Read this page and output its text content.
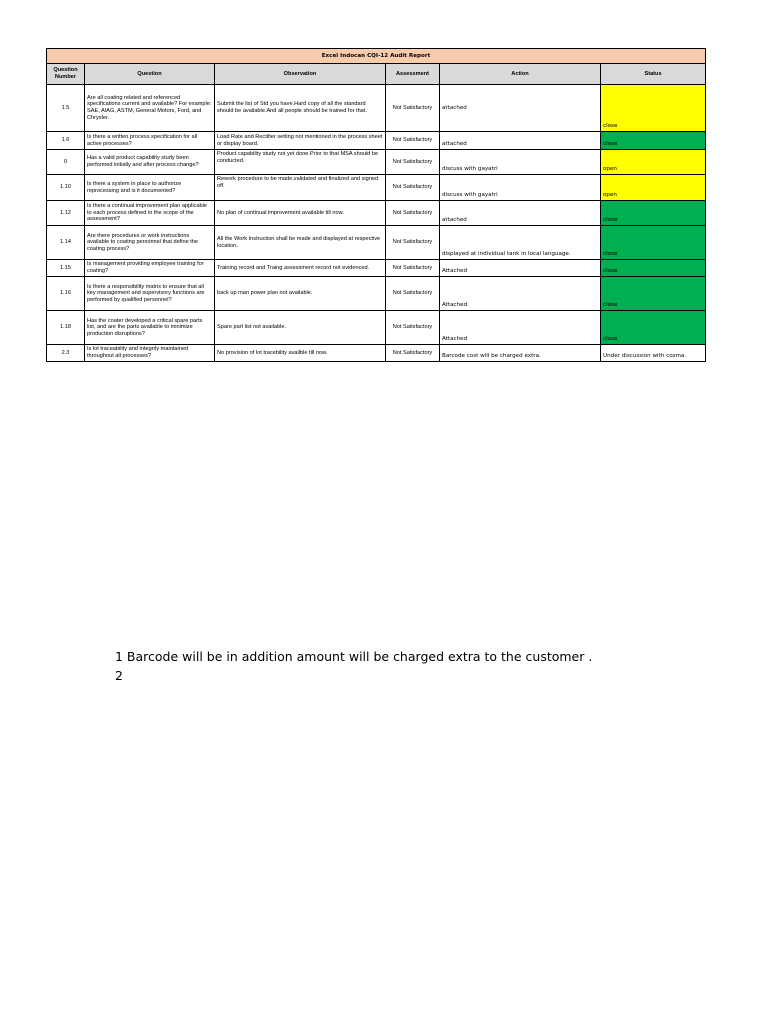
Excel Indocan CQI-12 Audit Report					
Question Number	Question	Observation	Assessment	Action	Status
1.5	Are all coating related and referenced specifications current and available? For example: SAE, AIAG, ASTM, General Motors, Ford, and Chrysler.	Submit the list of Std you have.Hard copy of all the standard should be available.And all people should be trained for that.	Not Satisfactory	attached	close
1.6	Is there a written process specification for all active processes?	Load Rate and Rectifier setting not mentioned in the process sheet or display board.	Not Satisfactory	attached	close
0	Has a valid product capability study been performed initially and after process change?	Product capability study not yet done.Prior to that MSA should be conducted.	Not Satisfactory	discuss with gayatri	open
1.10	Is there a system in place to authorize reprocessing and is it documented?	Rework procedure to be made,validated and finalized and signed off.	Not Satisfactory	discuss with gayatri	open
1.12	Is there a continual improvement plan applicable to each process defined in the scope of the assessment?	No plan of continual improvement available till now.	Not Satisfactory	attached	close
1.14	Are there procedures or work instructions available to coating personnel that define the coating process?	All the Work Instruction shall be made and displayed at respective location.	Not Satisfactory	displayed at individual tank in local language.	close
1.15	Is management providing employee training for coating?	Training record and Traing assessment record not evidenced.	Not Satisfactory	Attached	close
1.16	Is there a responsibility matrix to ensure that all key management and supervisory functions are performed by qualified personnel?	back up man power plan not available.	Not Satisfactory	Attached	close
1.18	Has the coater developed a critical spare parts list, and are the parts available to minimize production disruptions?	Spare part list not available.	Not Satisfactory	Attached	close
2.3	Is lot traceability and integrity maintained throughout all processes?	No provision of lot tracebility availble till now.	Not Satisfactory	Barcode cost will be charged extra.	Under discussion with cosma.
1 Barcode will be in addition amount will be charged extra to the customer .
2
